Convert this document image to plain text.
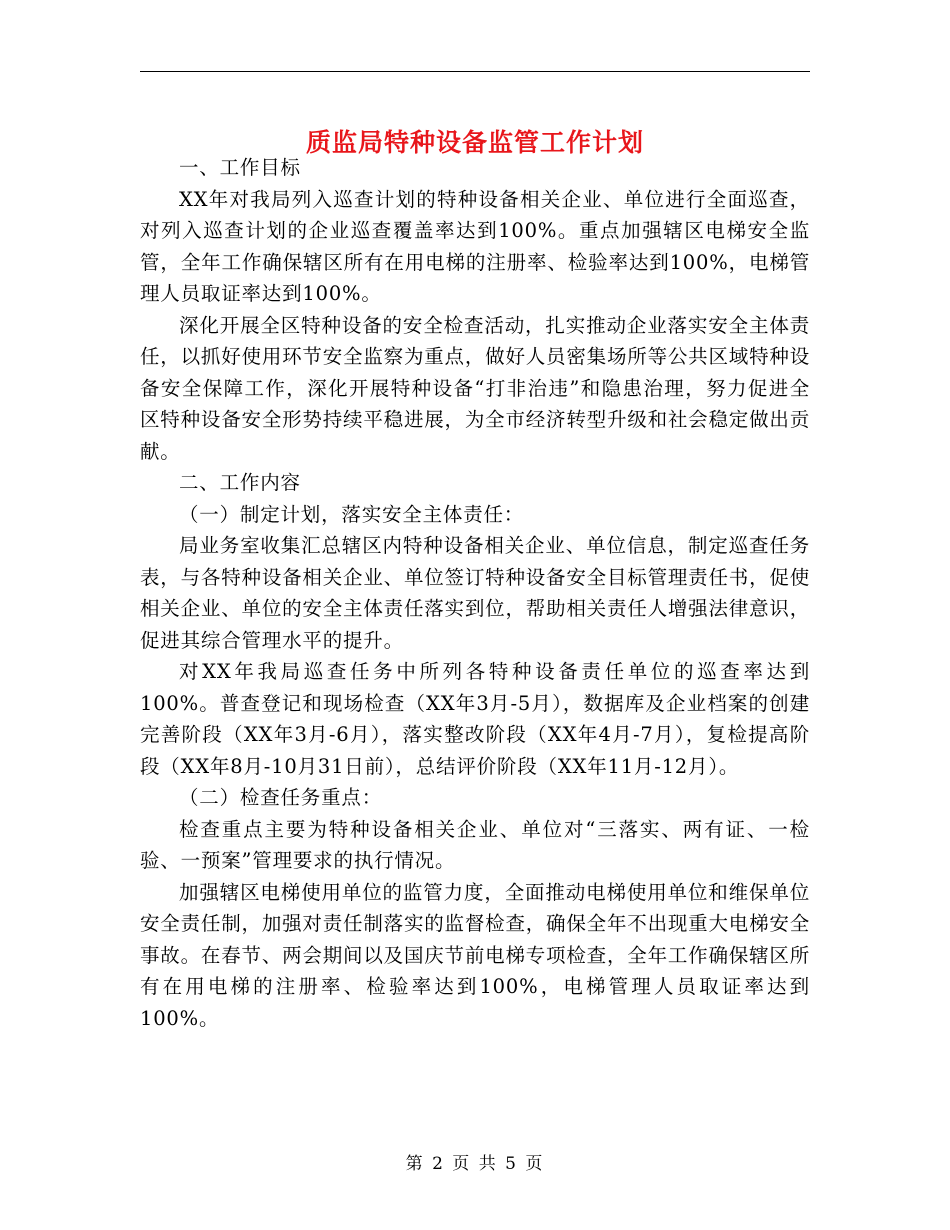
质监局特种设备监管工作计划

一、工作目标

XX年对我局列入巡查计划的特种设备相关企业、单位进行全面巡查，对列入巡查计划的企业巡查覆盖率达到100%。重点加强辖区电梯安全监管，全年工作确保辖区所有在用电梯的注册率、检验率达到100%，电梯管理人员取证率达到100%。

深化开展全区特种设备的安全检查活动，扎实推动企业落实安全主体责任，以抓好使用环节安全监察为重点，做好人员密集场所等公共区域特种设备安全保障工作，深化开展特种设备“打非治违”和隐患治理，努力促进全区特种设备安全形势持续平稳进展，为全市经济转型升级和社会稳定做出贡献。

二、工作内容

（一）制定计划，落实安全主体责任：

局业务室收集汇总辖区内特种设备相关企业、单位信息，制定巡查任务表，与各特种设备相关企业、单位签订特种设备安全目标管理责任书，促使相关企业、单位的安全主体责任落实到位，帮助相关责任人增强法律意识，促进其综合管理水平的提升。

对XX年我局巡查任务中所列各特种设备责任单位的巡查率达到100%。普查登记和现场检查（XX年3月-5月），数据库及企业档案的创建完善阶段（XX年3月-6月），落实整改阶段（XX年4月-7月），复检提高阶段（XX年8月-10月31日前），总结评价阶段（XX年11月-12月）。

（二）检查任务重点：

检查重点主要为特种设备相关企业、单位对“三落实、两有证、一检验、一预案”管理要求的执行情况。

加强辖区电梯使用单位的监管力度，全面推动电梯使用单位和维保单位安全责任制，加强对责任制落实的监督检查，确保全年不出现重大电梯安全事故。在春节、两会期间以及国庆节前电梯专项检查，全年工作确保辖区所有在用电梯的注册率、检验率达到100%，电梯管理人员取证率达到100%。

第 2 页 共 5 页
